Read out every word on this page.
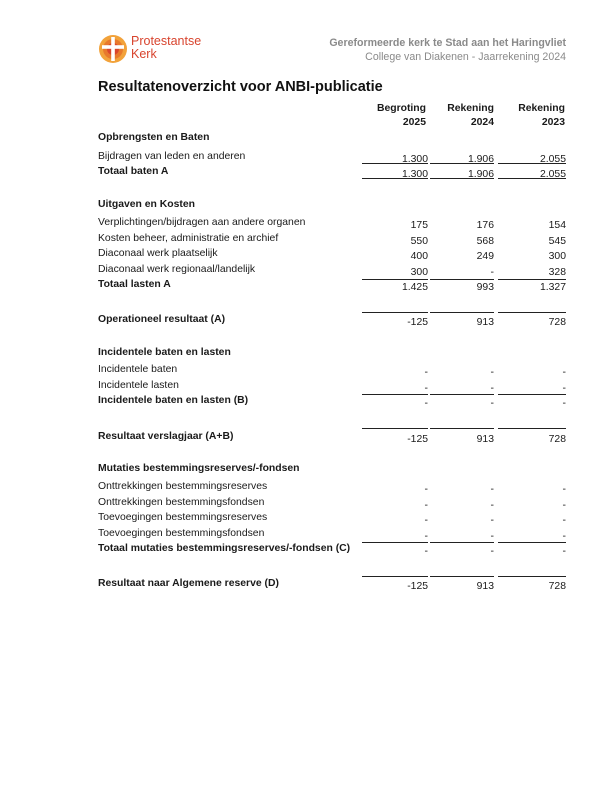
Protestantse
Kerk
Gereformeerde kerk te Stad aan het Haringvliet
College van Diakenen - Jaarrekening 2024
Resultatenoverzicht voor ANBI-publicatie
Begroting
2025
Rekening
2024
Rekening
2023
Opbrengsten en Baten
Bijdragen van leden en anderen	1.300	1.906	2.055
Totaal baten A	1.300	1.906	2.055
Uitgaven en Kosten
Verplichtingen/bijdragen aan andere organen	175	176	154
Kosten beheer, administratie en archief	550	568	545
Diaconaal werk plaatselijk	400	249	300
Diaconaal werk regionaal/landelijk	300	-	328
Totaal lasten A	1.425	993	1.327
Operationeel resultaat (A)	-125	913	728
Incidentele baten en lasten
Incidentele baten	-	-	-
Incidentele lasten	-	-	-
Incidentele baten en lasten (B)	-	-	-
Resultaat verslagjaar (A+B)	-125	913	728
Mutaties bestemmingsreserves/-fondsen
Onttrekkingen bestemmingsreserves	-	-	-
Onttrekkingen bestemmingsfondsen	-	-	-
Toevoegingen bestemmingsreserves	-	-	-
Toevoegingen bestemmingsfondsen	-	-	-
Totaal mutaties bestemmingsreserves/-fondsen (C)	-	-	-
Resultaat naar Algemene reserve (D)	-125	913	728
